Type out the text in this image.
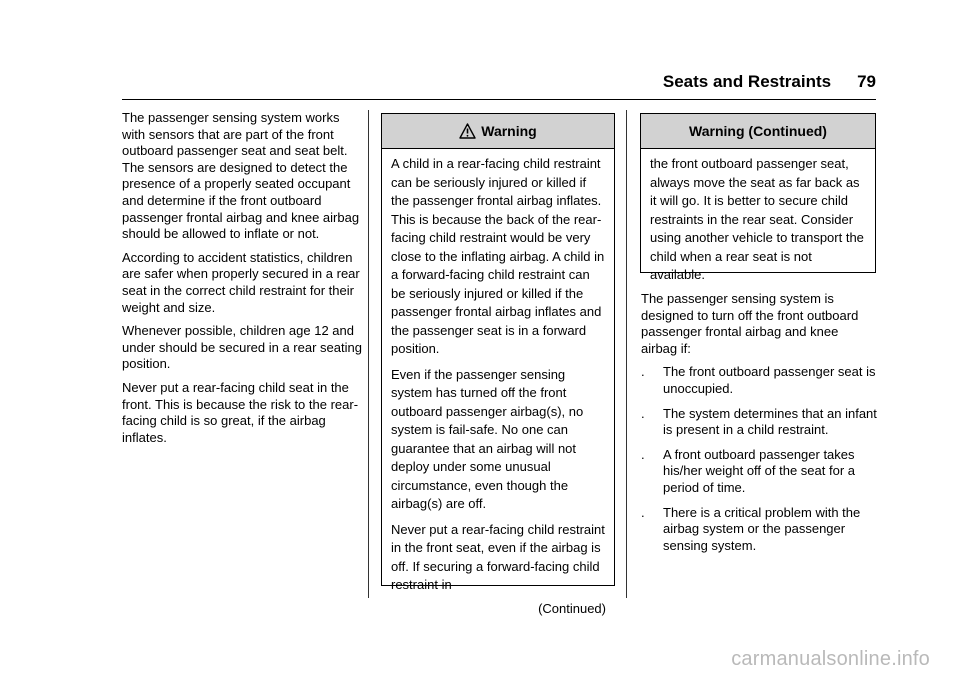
Seats and Restraints 79

The passenger sensing system works with sensors that are part of the front outboard passenger seat and seat belt. The sensors are designed to detect the presence of a properly seated occupant and determine if the front outboard passenger frontal airbag and knee airbag should be allowed to inflate or not.

According to accident statistics, children are safer when properly secured in a rear seat in the correct child restraint for their weight and size.

Whenever possible, children age 12 and under should be secured in a rear seating position.

Never put a rear-facing child seat in the front. This is because the risk to the rear-facing child is so great, if the airbag inflates.

Warning

A child in a rear-facing child restraint can be seriously injured or killed if the passenger frontal airbag inflates. This is because the back of the rear-facing child restraint would be very close to the inflating airbag. A child in a forward-facing child restraint can be seriously injured or killed if the passenger frontal airbag inflates and the passenger seat is in a forward position.

Even if the passenger sensing system has turned off the front outboard passenger airbag(s), no system is fail-safe. No one can guarantee that an airbag will not deploy under some unusual circumstance, even though the airbag(s) are off.

Never put a rear-facing child restraint in the front seat, even if the airbag is off. If securing a forward-facing child restraint in

(Continued)
Warning (Continued)

the front outboard passenger seat, always move the seat as far back as it will go. It is better to secure child restraints in the rear seat. Consider using another vehicle to transport the child when a rear seat is not available.

The passenger sensing system is designed to turn off the front outboard passenger frontal airbag and knee airbag if:

. The front outboard passenger seat is unoccupied.
. The system determines that an infant is present in a child restraint.
. A front outboard passenger takes his/her weight off of the seat for a period of time.
. There is a critical problem with the airbag system or the passenger sensing system.
carmanualsonline.info
